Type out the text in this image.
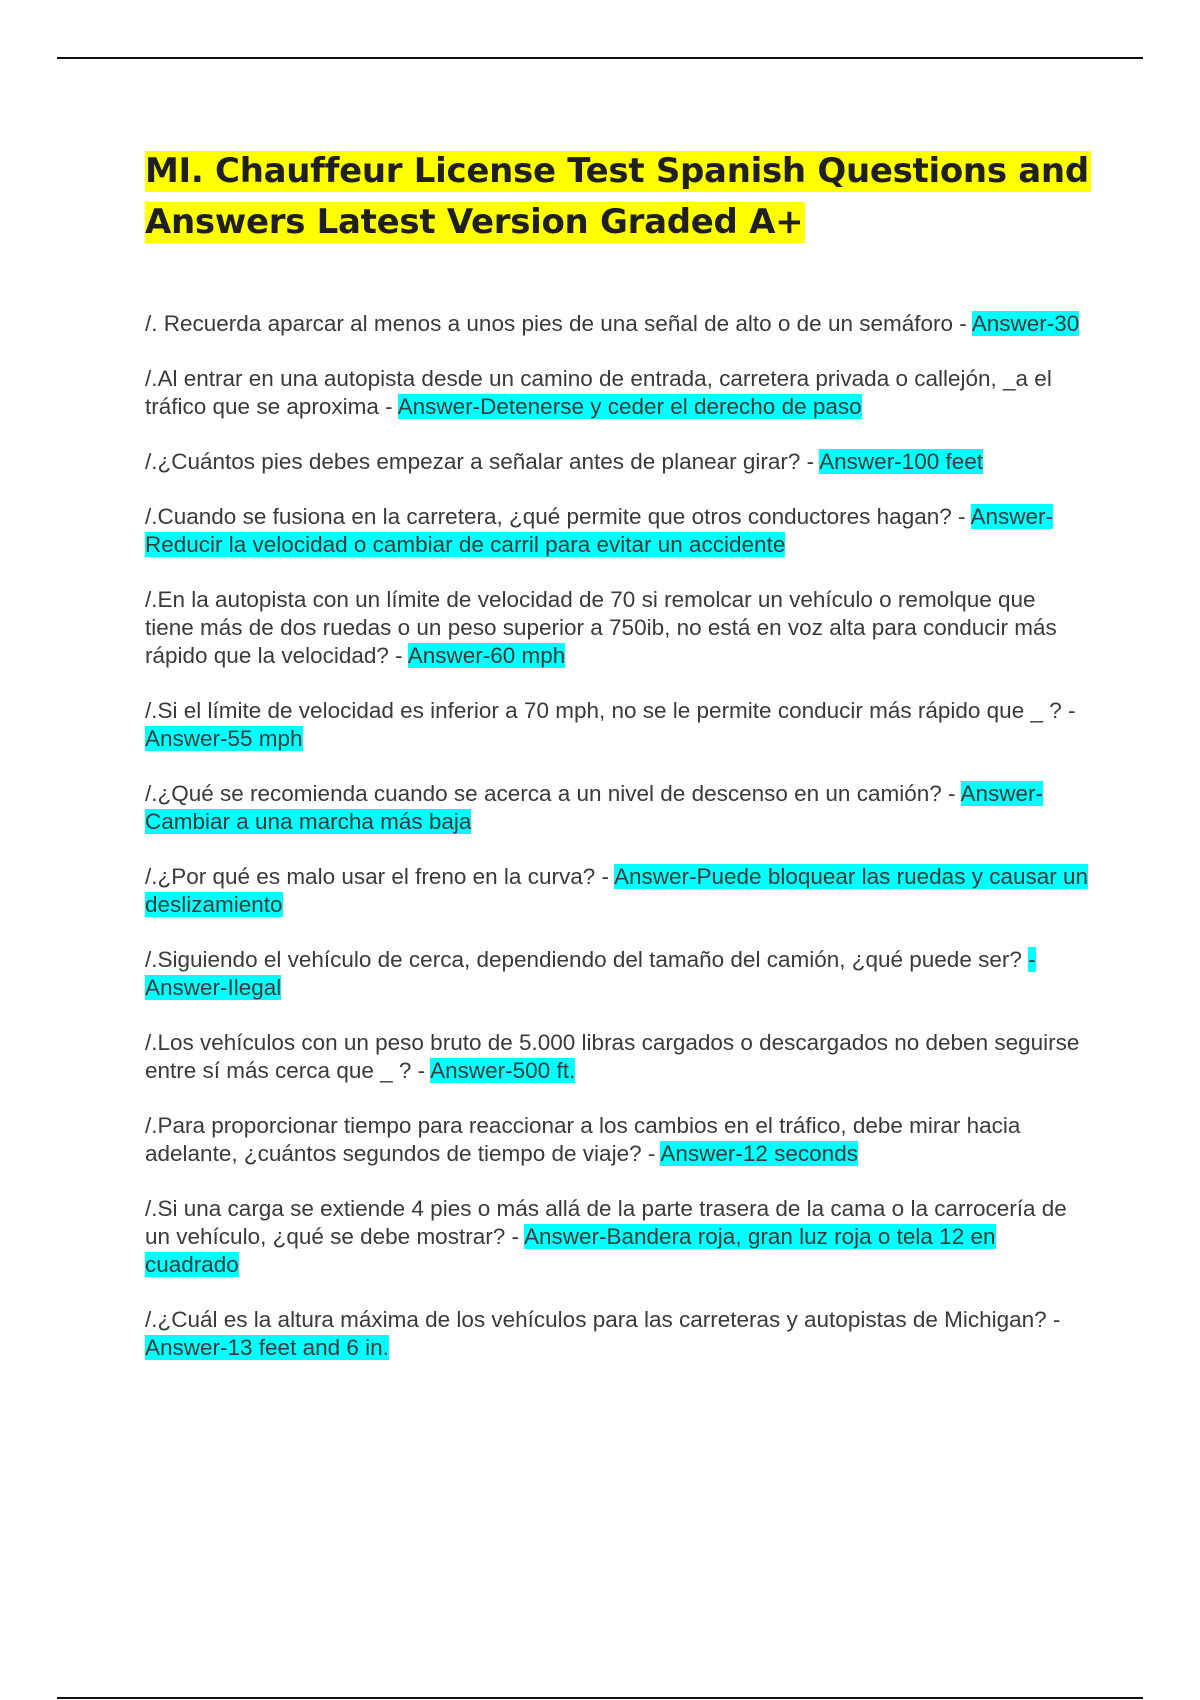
MI. Chauffeur License Test Spanish Questions and Answers Latest Version Graded A+

/. Recuerda aparcar al menos a unos pies de una señal de alto o de un semáforo - Answer-30

/.Al entrar en una autopista desde un camino de entrada, carretera privada o callejón, _a el tráfico que se aproxima - Answer-Detenerse y ceder el derecho de paso

/.¿Cuántos pies debes empezar a señalar antes de planear girar? - Answer-100 feet

/.Cuando se fusiona en la carretera, ¿qué permite que otros conductores hagan? - Answer-Reducir la velocidad o cambiar de carril para evitar un accidente

/.En la autopista con un límite de velocidad de 70 si remolcar un vehículo o remolque que tiene más de dos ruedas o un peso superior a 750ib, no está en voz alta para conducir más rápido que la velocidad? - Answer-60 mph

/.Si el límite de velocidad es inferior a 70 mph, no se le permite conducir más rápido que _ ? - Answer-55 mph

/.¿Qué se recomienda cuando se acerca a un nivel de descenso en un camión? - Answer-Cambiar a una marcha más baja

/.¿Por qué es malo usar el freno en la curva? - Answer-Puede bloquear las ruedas y causar un deslizamiento

/.Siguiendo el vehículo de cerca, dependiendo del tamaño del camión, ¿qué puede ser? - Answer-Ilegal

/.Los vehículos con un peso bruto de 5.000 libras cargados o descargados no deben seguirse entre sí más cerca que _ ? - Answer-500 ft.

/.Para proporcionar tiempo para reaccionar a los cambios en el tráfico, debe mirar hacia adelante, ¿cuántos segundos de tiempo de viaje? - Answer-12 seconds

/.Si una carga se extiende 4 pies o más allá de la parte trasera de la cama o la carrocería de un vehículo, ¿qué se debe mostrar? - Answer-Bandera roja, gran luz roja o tela 12 en cuadrado

/.¿Cuál es la altura máxima de los vehículos para las carreteras y autopistas de Michigan? - Answer-13 feet and 6 in.
